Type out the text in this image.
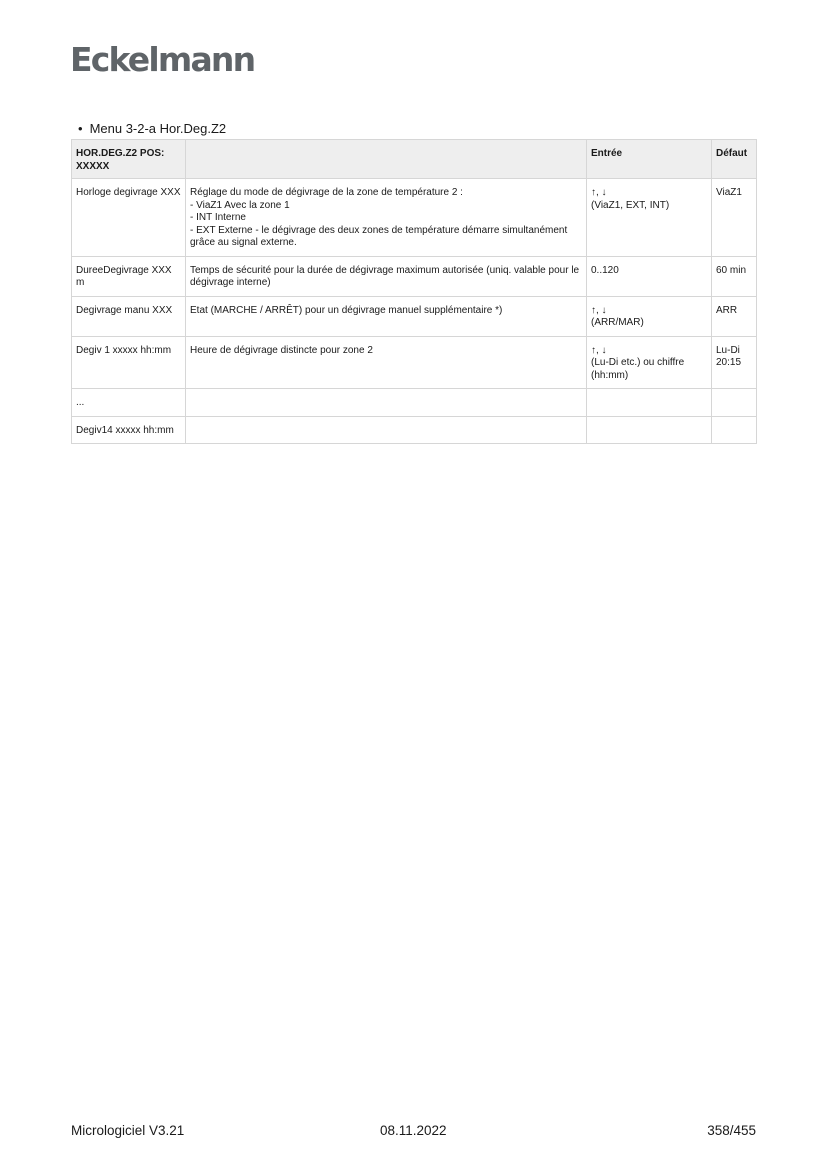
Eckelmann
• Menu 3-2-a Hor.Deg.Z2
HOR.DEG.Z2 POS: XXXXX		Entrée	Défaut
Horloge degivrage XXX	Réglage du mode de dégivrage de la zone de température 2 :
- ViaZ1 Avec la zone 1
- INT Interne
- EXT Externe - le dégivrage des deux zones de température démarre simultanément grâce au signal externe.	↑, ↓
(ViaZ1, EXT, INT)	ViaZ1

DureeDegivrage XXX m	Temps de sécurité pour la durée de dégivrage maximum autorisée (uniq. valable pour le dégivrage interne)	0..120	60 min

Degivrage manu XXX	Etat (MARCHE / ARRÊT) pour un dégivrage manuel supplémentaire *)	↑, ↓
(ARR/MAR)	ARR

Degiv 1 xxxxx hh:mm	Heure de dégivrage distincte pour zone 2	↑, ↓
(Lu-Di etc.) ou chiffre (hh:mm)	Lu-Di
20:15

...	

Degiv14 xxxxx hh:mm	

Micrologiciel V3.21	08.11.2022	358/455
